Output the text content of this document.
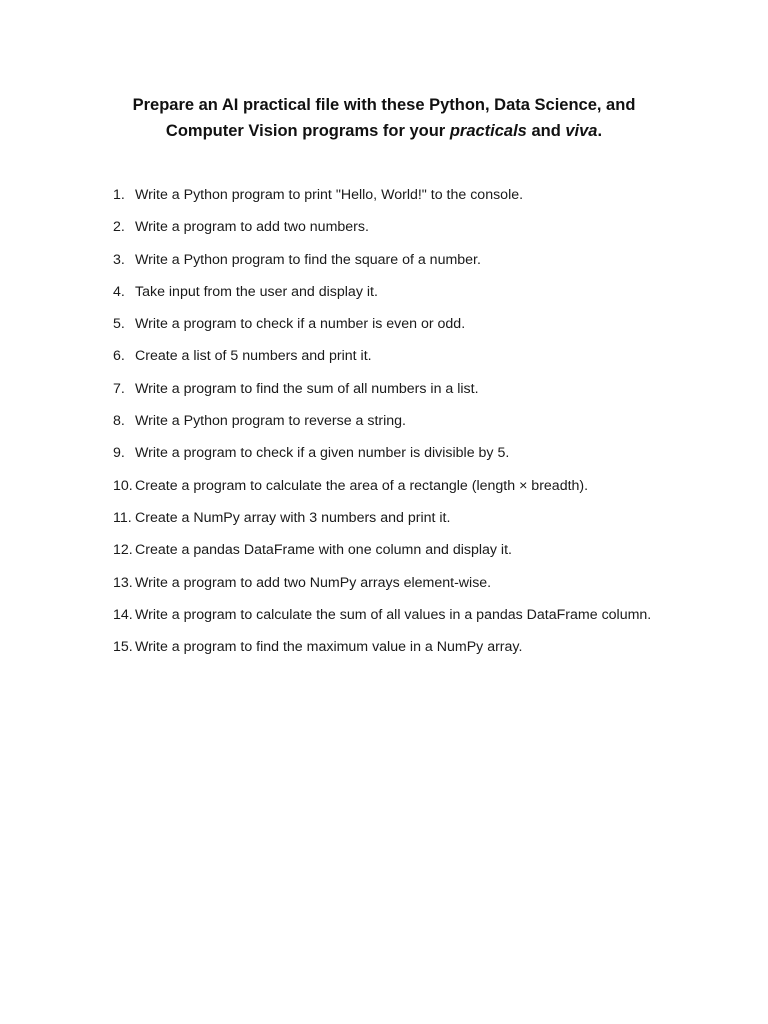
Prepare an AI practical file with these Python, Data Science, and
Computer Vision programs for your practicals and viva.
1. Write a Python program to print "Hello, World!" to the console.
2. Write a program to add two numbers.
3. Write a Python program to find the square of a number.
4. Take input from the user and display it.
5. Write a program to check if a number is even or odd.
6. Create a list of 5 numbers and print it.
7. Write a program to find the sum of all numbers in a list.
8. Write a Python program to reverse a string.
9. Write a program to check if a given number is divisible by 5.
10. Create a program to calculate the area of a rectangle (length × breadth).
11. Create a NumPy array with 3 numbers and print it.
12. Create a pandas DataFrame with one column and display it.
13. Write a program to add two NumPy arrays element-wise.
14. Write a program to calculate the sum of all values in a pandas DataFrame column.
15. Write a program to find the maximum value in a NumPy array.
